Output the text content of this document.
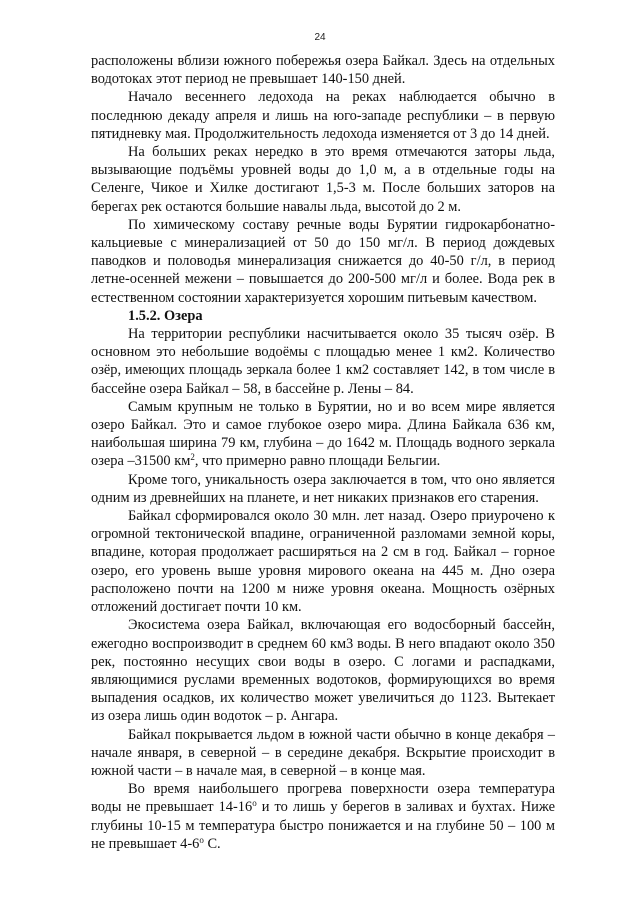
24

расположены вблизи южного побережья озера Байкал. Здесь на отдельных водотоках этот период не превышает 140-150 дней.

Начало весеннего ледохода на реках наблюдается обычно в последнюю декаду апреля и лишь на юго-западе республики – в первую пятидневку мая. Продолжительность ледохода изменяется от 3 до 14 дней.

На больших реках нередко в это время отмечаются заторы льда, вызывающие подъёмы уровней воды до 1,0 м, а в отдельные годы на Селенге, Чикое и Хилке достигают 1,5-3 м. После больших заторов на берегах рек остаются большие навалы льда, высотой до 2 м.

По химическому составу речные воды Бурятии гидрокарбонатно-кальциевые с минерализацией от 50 до 150 мг/л. В период дождевых паводков и половодья минерализация снижается до 40-50 г/л, в период летне-осенней межени – повышается до 200-500 мг/л и более. Вода рек в естественном состоянии характеризуется хорошим питьевым качеством.

1.5.2. Озера

На территории республики насчитывается около 35 тысяч озёр. В основном это небольшие водоёмы с площадью менее 1 км2. Количество озёр, имеющих площадь зеркала более 1 км2 составляет 142, в том числе в бассейне озера Байкал – 58, в бассейне р. Лены – 84.

Самым крупным не только в Бурятии, но и во всем мире является озеро Байкал. Это и самое глубокое озеро мира. Длина Байкала 636 км, наибольшая ширина 79 км, глубина – до 1642 м. Площадь водного зеркала озера –31500 $км^2$, что примерно равно площади Бельгии.

Кроме того, уникальность озера заключается в том, что оно является одним из древнейших на планете, и нет никаких признаков его старения.

Байкал сформировался около 30 млн. лет назад. Озеро приурочено к огромной тектонической впадине, ограниченной разломами земной коры, впадине, которая продолжает расширяться на 2 см в год. Байкал – горное озеро, его уровень выше уровня мирового океана на 445 м. Дно озера расположено почти на 1200 м ниже уровня океана. Мощность озёрных отложений достигает почти 10 км.

Экосистема озера Байкал, включающая его водосборный бассейн, ежегодно воспроизводит в среднем 60 км3 воды. В него впадают около 350 рек, постоянно несущих свои воды в озеро. С логами и распадками, являющимися руслами временных водотоков, формирующихся во время выпадения осадков, их количество может увеличиться до 1123. Вытекает из озера лишь один водоток – р. Ангара.

Байкал покрывается льдом в южной части обычно в конце декабря – начале января, в северной – в середине декабря. Вскрытие происходит в южной части – в начале мая, в северной – в конце мая.

Во время наибольшего прогрева поверхности озера температура воды не превышает $14-16^о$ и то лишь у берегов в заливах и бухтах. Ниже глубины 10-15 м температура быстро понижается и на глубине 50 – 100 м не превышает $4-6^о$ С.
